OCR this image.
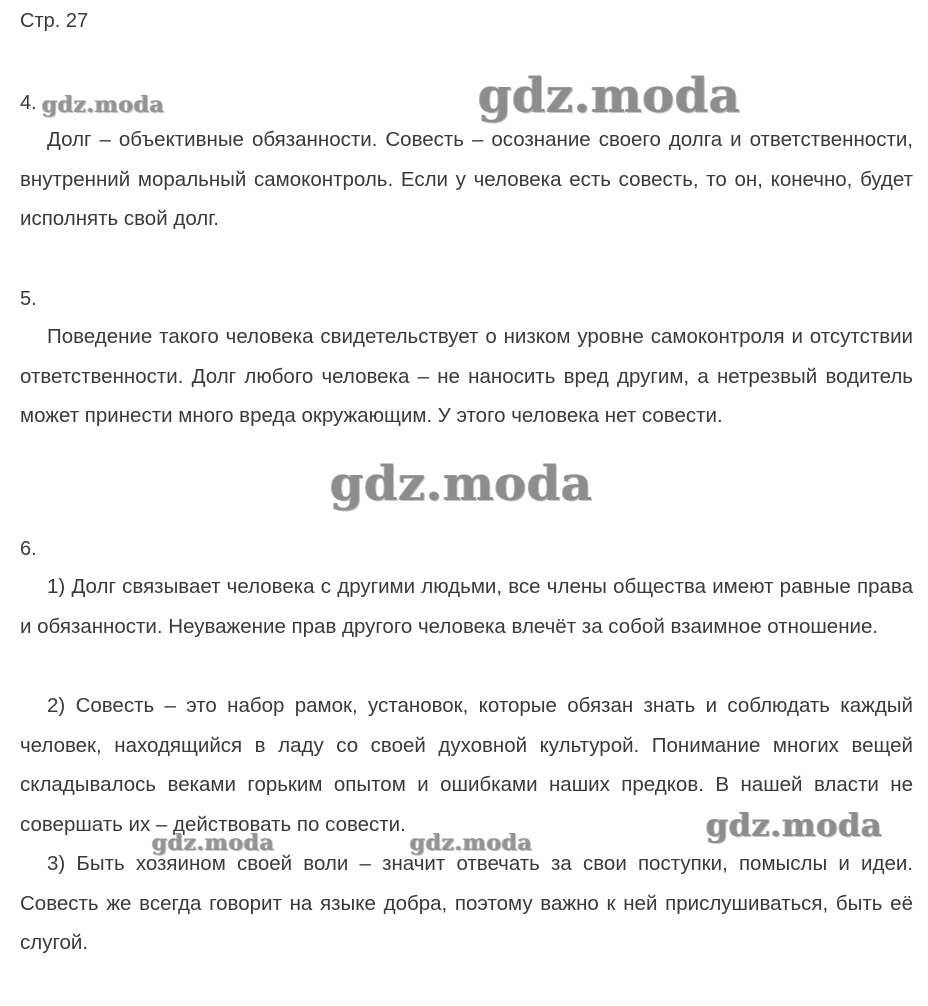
Стр. 27
4.

Долг – объективные обязанности. Совесть – осознание своего долга и ответственности, внутренний моральный самоконтроль. Если у человека есть совесть, то он, конечно, будет исполнять свой долг.

5.

Поведение такого человека свидетельствует о низком уровне самоконтроля и отсутствии ответственности. Долг любого человека – не наносить вред другим, а нетрезвый водитель может принести много вреда окружающим. У этого человека нет совести.

6.

1) Долг связывает человека с другими людьми, все члены общества имеют равные права и обязанности. Неуважение прав другого человека влечёт за собой взаимное отношение.

2) Совесть – это набор рамок, установок, которые обязан знать и соблюдать каждый человек, находящийся в ладу со своей духовной культурой. Понимание многих вещей складывалось веками горьким опытом и ошибками наших предков. В нашей власти не совершать их – действовать по совести.

3) Быть хозяином своей воли – значит отвечать за свои поступки, помыслы и идеи. Совесть же всегда говорит на языке добра, поэтому важно к ней прислушиваться, быть её слугой.

gdz.moda	gdz.moda
gdz.moda
gdz.moda
gdz.moda	gdz.moda
